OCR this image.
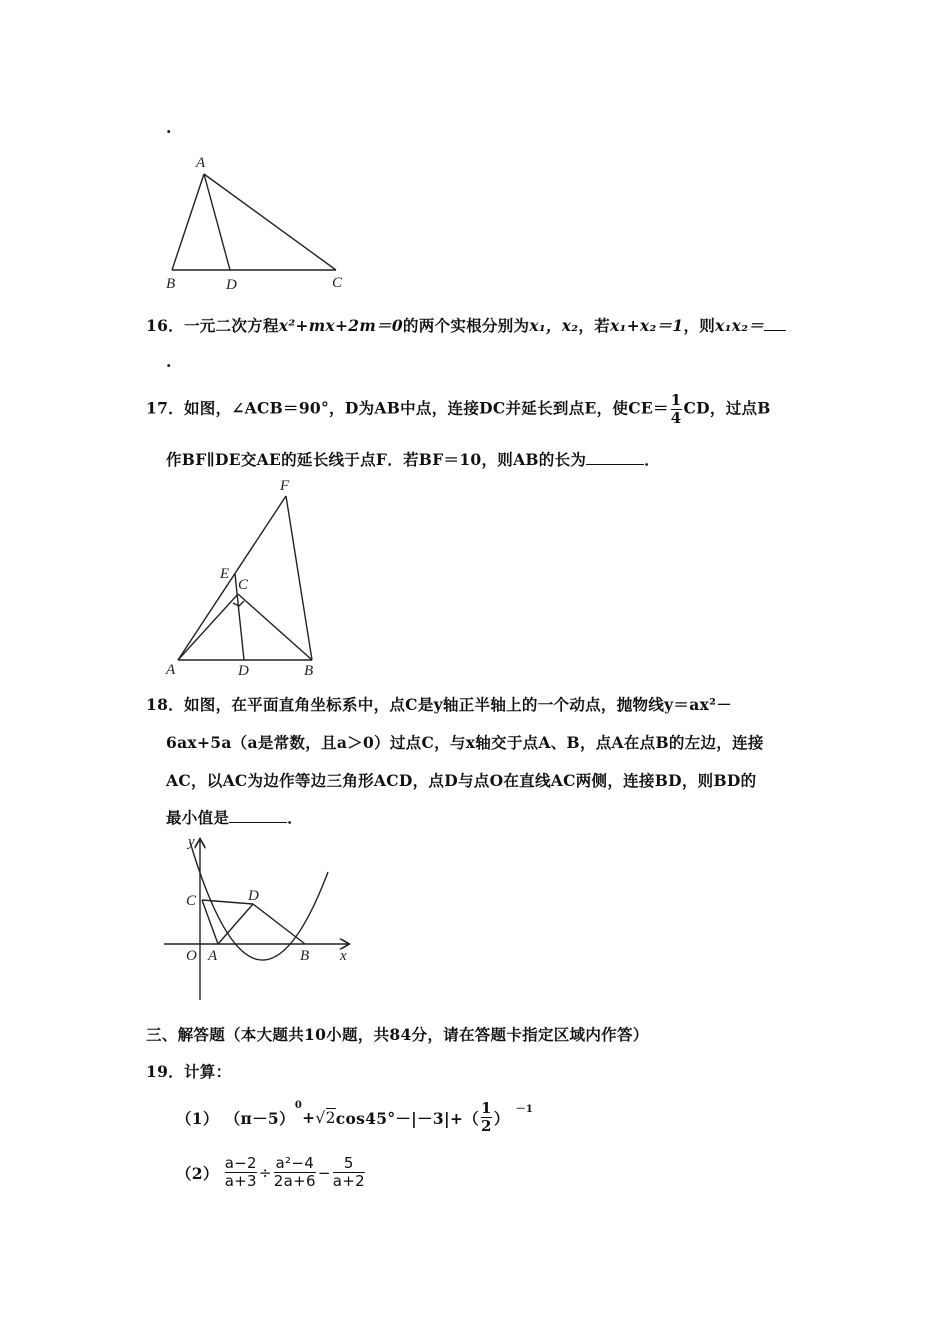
.
A
B	D	C
16．一元二次方程x²+mx+2m＝0的两个实根分别为x₁，x₂，若x₁+x₂＝1，则x₁x₂＝
.
17．如图，∠ACB＝90°，D为AB中点，连接DC并延长到点E，使$CE= \frac{1}{4}$ CD，过点B
作BF∥DE交AE的延长线于点F．若BF＝10，则AB的长为	．
F
E
C
A	D	B
18．如图，在平面直角坐标系中，点C是y轴正半轴上的一个动点，抛物线y＝ax²－
6ax+5a（a是常数，且a＞0）过点C，与x轴交于点A、B，点A在点B的左边，连接
AC，以AC为边作等边三角形ACD，点D与点O在直线AC两侧，连接BD，则BD的
最小值是	．
y
x
O A	B
C	D
三、解答题（本大题共10小题，共84分，请在答题卡指定区域内作答）
19．计算：
（1） （π－5）
$^0$
+ √ 2 $\cos 45^\circ-|-3|+( \frac{1}{2}$ ） $^{-1}$
$(2) \frac{a-2}{a+3} \div \frac{\text{a²−4}}{2a+6} - \frac{5}{a+2}$
